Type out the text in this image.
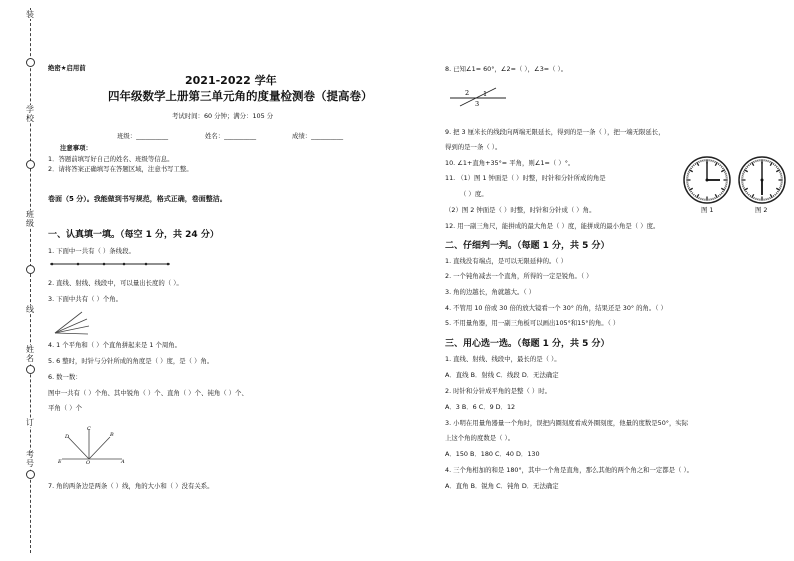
装
学校
班级
线
姓名
订
考号
绝密★启用前
2021-2022 学年
四年级数学上册第三单元角的度量检测卷（提高卷）
考试时间：60 分钟；满分：105 分
班级：__________	姓名：__________	成绩：__________
注意事项：
1．答题前填写好自己的姓名、班级等信息。
2．请将答案正确填写在答题区域，注意书写工整。
卷面（5 分）。我能做到书写规范，格式正确，卷面整洁。
一、认真填一填。（每空 1 分，共 24 分）
1. 下面中一共有（ ）条线段。
2. 直线、射线、线段中，可以量出长度的（ ）。
3. 下面中共有（ ）个角。
4. 1 个平角和（ ）个直角拼起来是 1 个周角。
5. 6 整时，时针与分针所成的角度是（ ）度，是（ ）角。
6. 数一数：
图中一共有（ ）个角、其中锐角（ ）个、直角（ ）个、钝角（ ）个、
平角（ ）个
D
C
B
E	O	A
7. 角的两条边是两条（ ）线，角的大小和（ ）没有关系。
8. 已知∠1= 60°，∠2=（ ），∠3=（ ）。
2 1
3
9. 把 3 厘米长的线段向两端无限延长，得到的是一条（ ），把一端无限延长，
得到的是一条（ ）。
10. ∠1+直角+35°= 平角，则∠1=（ ）°。
11. （1）图 1 钟面是（ ）时整，时针和分针所成的角是
（ ）度。
（2）图 2 钟面是（ ）时整，时针和分针成（ ）角。	图 1	图 2
12. 用一副三角尺，能拼成的最大角是（ ）度，能拼成的最小角是（ ）度。
二、仔细判一判。（每题 1 分，共 5 分）
1. 直线没有端点，是可以无限延伸的。（ ）
2. 一个钝角减去一个直角，所得的一定是锐角。（ ）
3. 角的边越长，角就越大。（ ）
4. 不管用 10 倍或 30 倍的放大镜看一个 30° 的角，结果还是 30° 的角。（ ）
5. 不用量角器，用一副三角板可以画出105°和15°的角。（ ）
三、用心选一选。（每题 1 分，共 5 分）
1. 直线、射线、线段中，最长的是（ ）。
A．直线 B．射线 C．线段 D．无法确定
2. 时针和分针成平角的是整（ ）时。
A．3 B．6 C．9 D．12
3. 小明在用量角器量一个角时，误把内圈刻度看成外圈刻度，他量的度数是50°，实际
上这个角的度数是（ ）。
A．150 B．180 C．40 D．130
4. 三个角相加的和是 180°，其中一个角是直角，那么其他的两个角之和一定都是（ ）。
A．直角 B．锐角 C．钝角 D．无法确定
